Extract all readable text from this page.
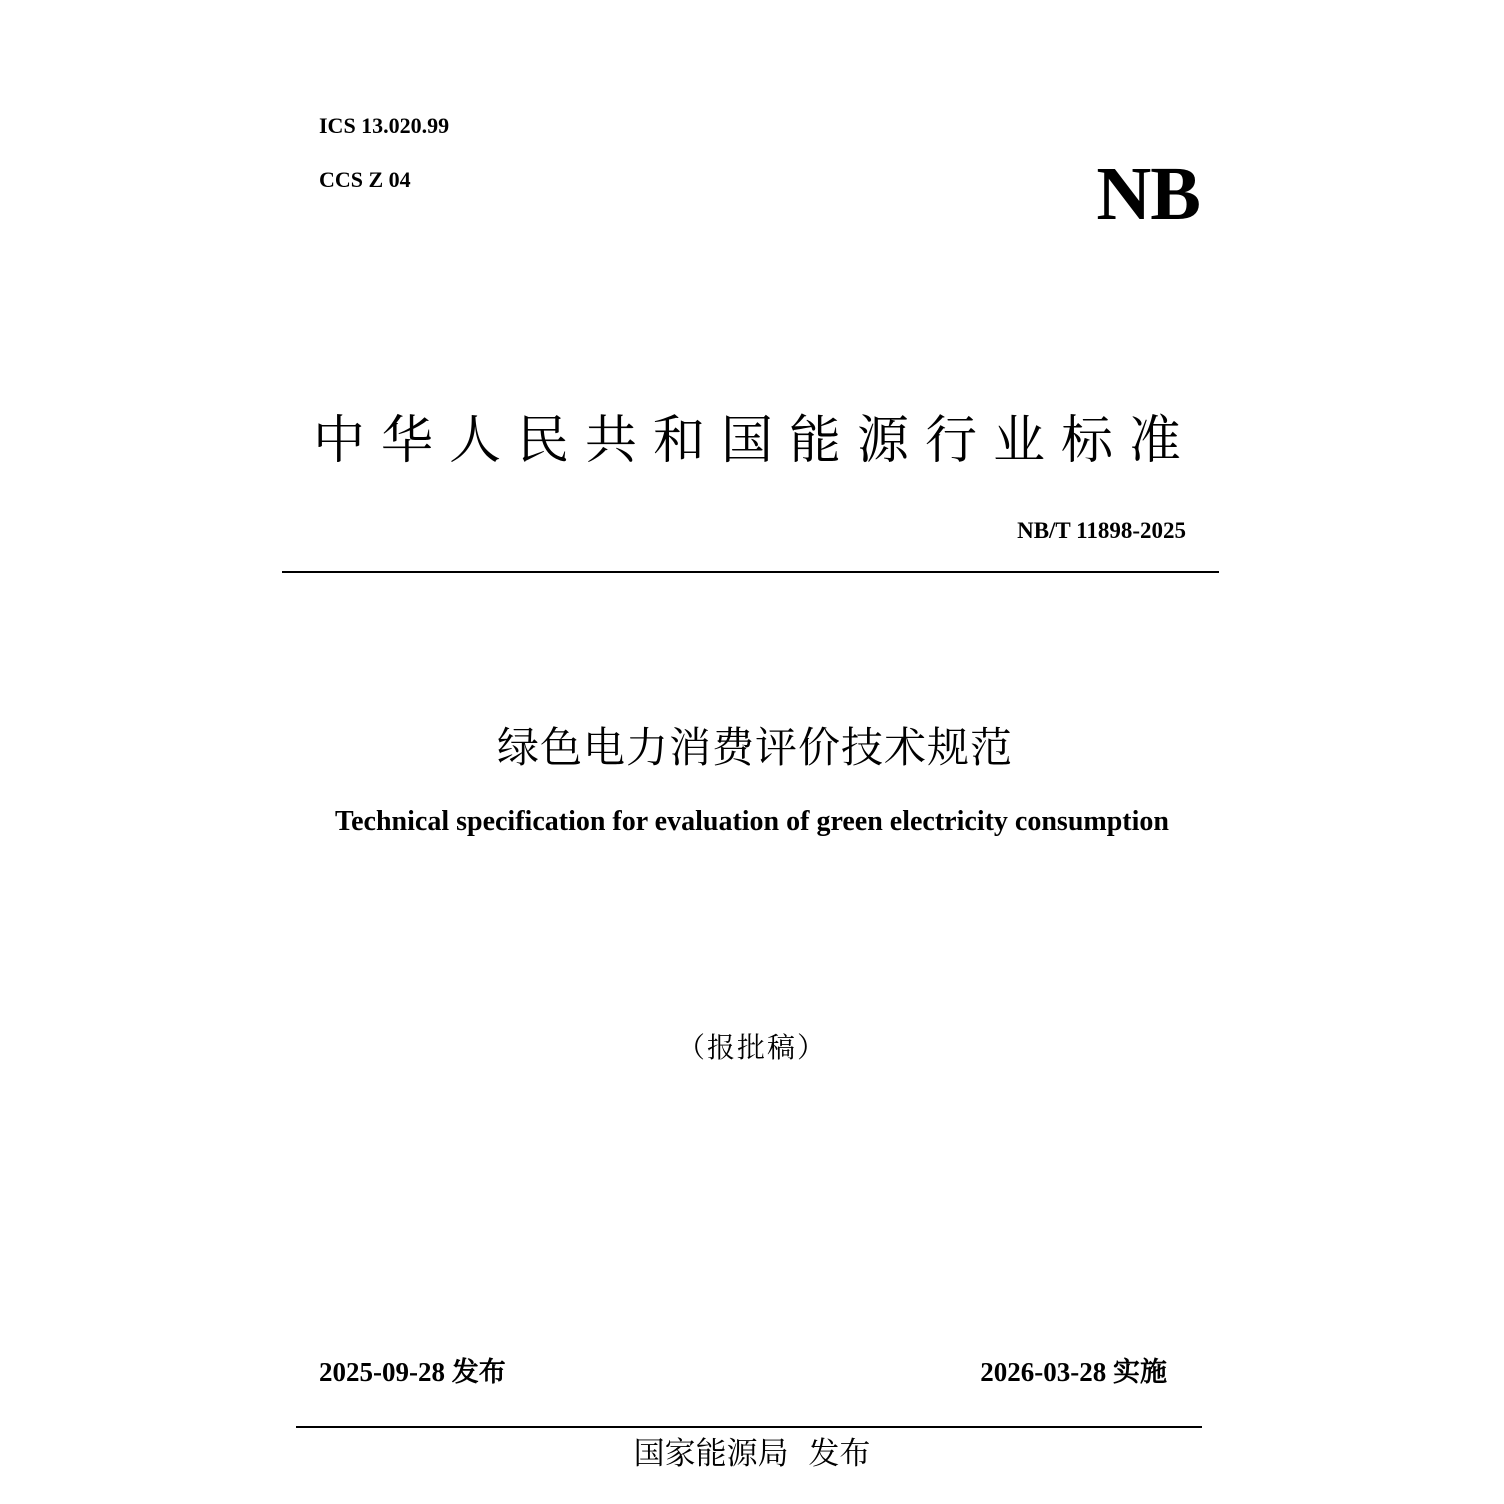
ICS 13.020.99
CCS Z 04	NB
中华人民共和国能源行业标准
NB/T 11898-2025
绿色电力消费评价技术规范
Technical specification for evaluation of green electricity consumption
（报批稿）
2025-09-28 发布	2026-03-28 实施
国家能源局  发布
